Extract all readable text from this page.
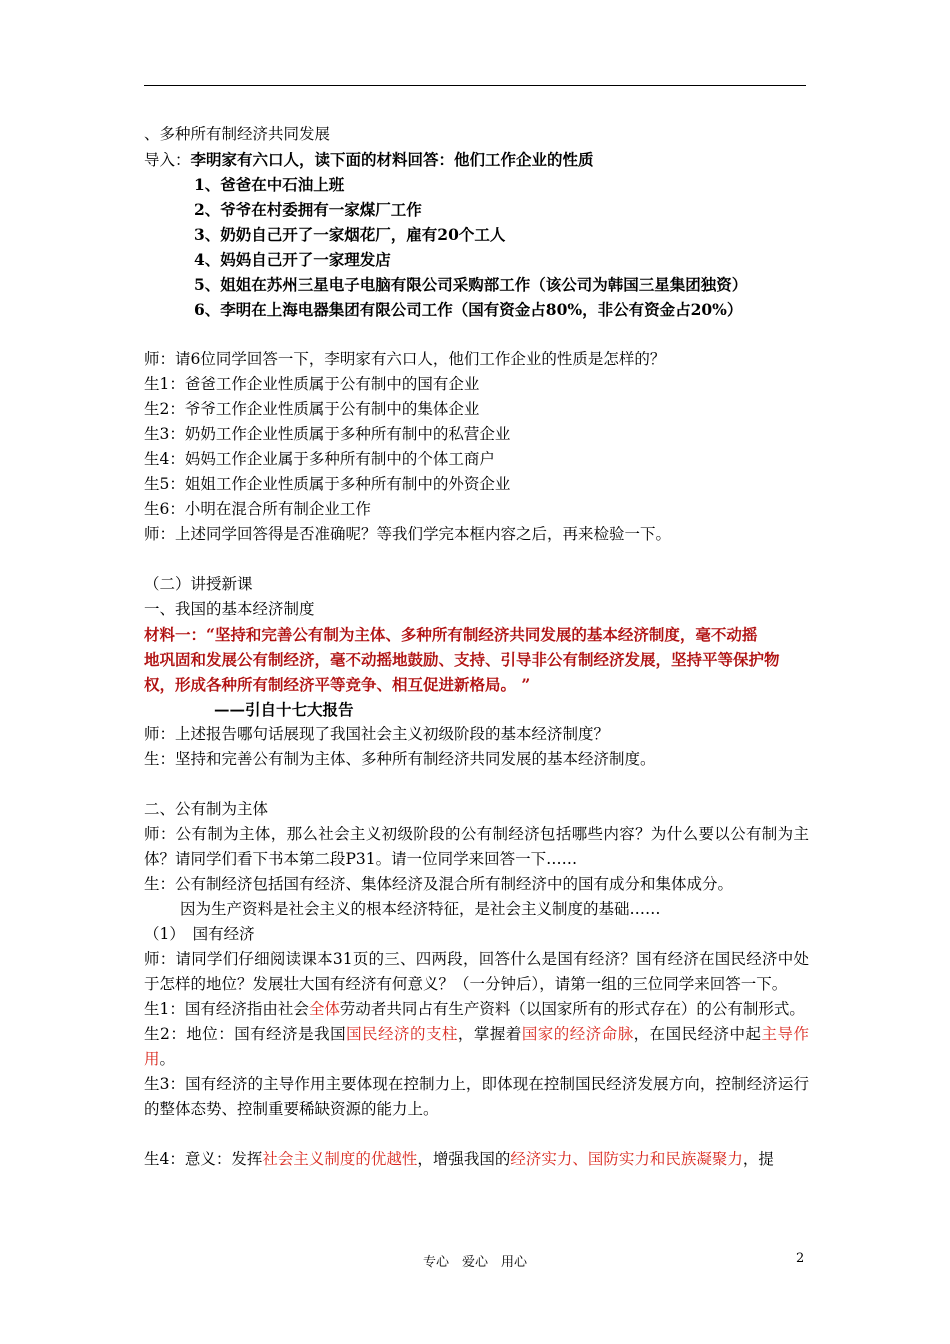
、多种所有制经济共同发展
导入：李明家有六口人，读下面的材料回答：他们工作企业的性质
1、爸爸在中石油上班
2、爷爷在村委拥有一家煤厂工作
3、奶奶自己开了一家烟花厂，雇有20个工人
4、妈妈自己开了一家理发店
5、姐姐在苏州三星电子电脑有限公司采购部工作（该公司为韩国三星集团独资）
6、李明在上海电器集团有限公司工作（国有资金占80%，非公有资金占20%）
师：请6位同学回答一下，李明家有六口人，他们工作企业的性质是怎样的？
生1：爸爸工作企业性质属于公有制中的国有企业
生2：爷爷工作企业性质属于公有制中的集体企业
生3：奶奶工作企业性质属于多种所有制中的私营企业
生4：妈妈工作企业属于多种所有制中的个体工商户
生5：姐姐工作企业性质属于多种所有制中的外资企业
生6：小明在混合所有制企业工作
师：上述同学回答得是否准确呢？等我们学完本框内容之后，再来检验一下。
（二）讲授新课
一、我国的基本经济制度
材料一：“坚持和完善公有制为主体、多种所有制经济共同发展的基本经济制度，毫不动摇
地巩固和发展公有制经济，毫不动摇地鼓励、支持、引导非公有制经济发展，坚持平等保护物
权，形成各种所有制经济平等竞争、相互促进新格局。 ”
——引自十七大报告
师：上述报告哪句话展现了我国社会主义初级阶段的基本经济制度？
生：坚持和完善公有制为主体、多种所有制经济共同发展的基本经济制度。
二、公有制为主体
师：公有制为主体，那么社会主义初级阶段的公有制经济包括哪些内容？为什么要以公有制为主体？请同学们看下书本第二段P31。请一位同学来回答一下……
生：公有制经济包括国有经济、集体经济及混合所有制经济中的国有成分和集体成分。
因为生产资料是社会主义的根本经济特征，是社会主义制度的基础……
（1）　国有经济
师：请同学们仔细阅读课本31页的三、四两段，回答什么是国有经济？国有经济在国民经济中处于怎样的地位？发展壮大国有经济有何意义？（一分钟后），请第一组的三位同学来回答一下。
生1：国有经济指由社会全体劳动者共同占有生产资料（以国家所有的形式存在）的公有制形式。
生2：地位：国有经济是我国国民经济的支柱，掌握着国家的经济命脉，在国民经济中起主导作用。
生3：国有经济的主导作用主要体现在控制力上，即体现在控制国民经济发展方向，控制经济运行的整体态势、控制重要稀缺资源的能力上。
生4：意义：发挥社会主义制度的优越性，增强我国的经济实力、国防实力和民族凝聚力，提
专心　爱心　用心	2
